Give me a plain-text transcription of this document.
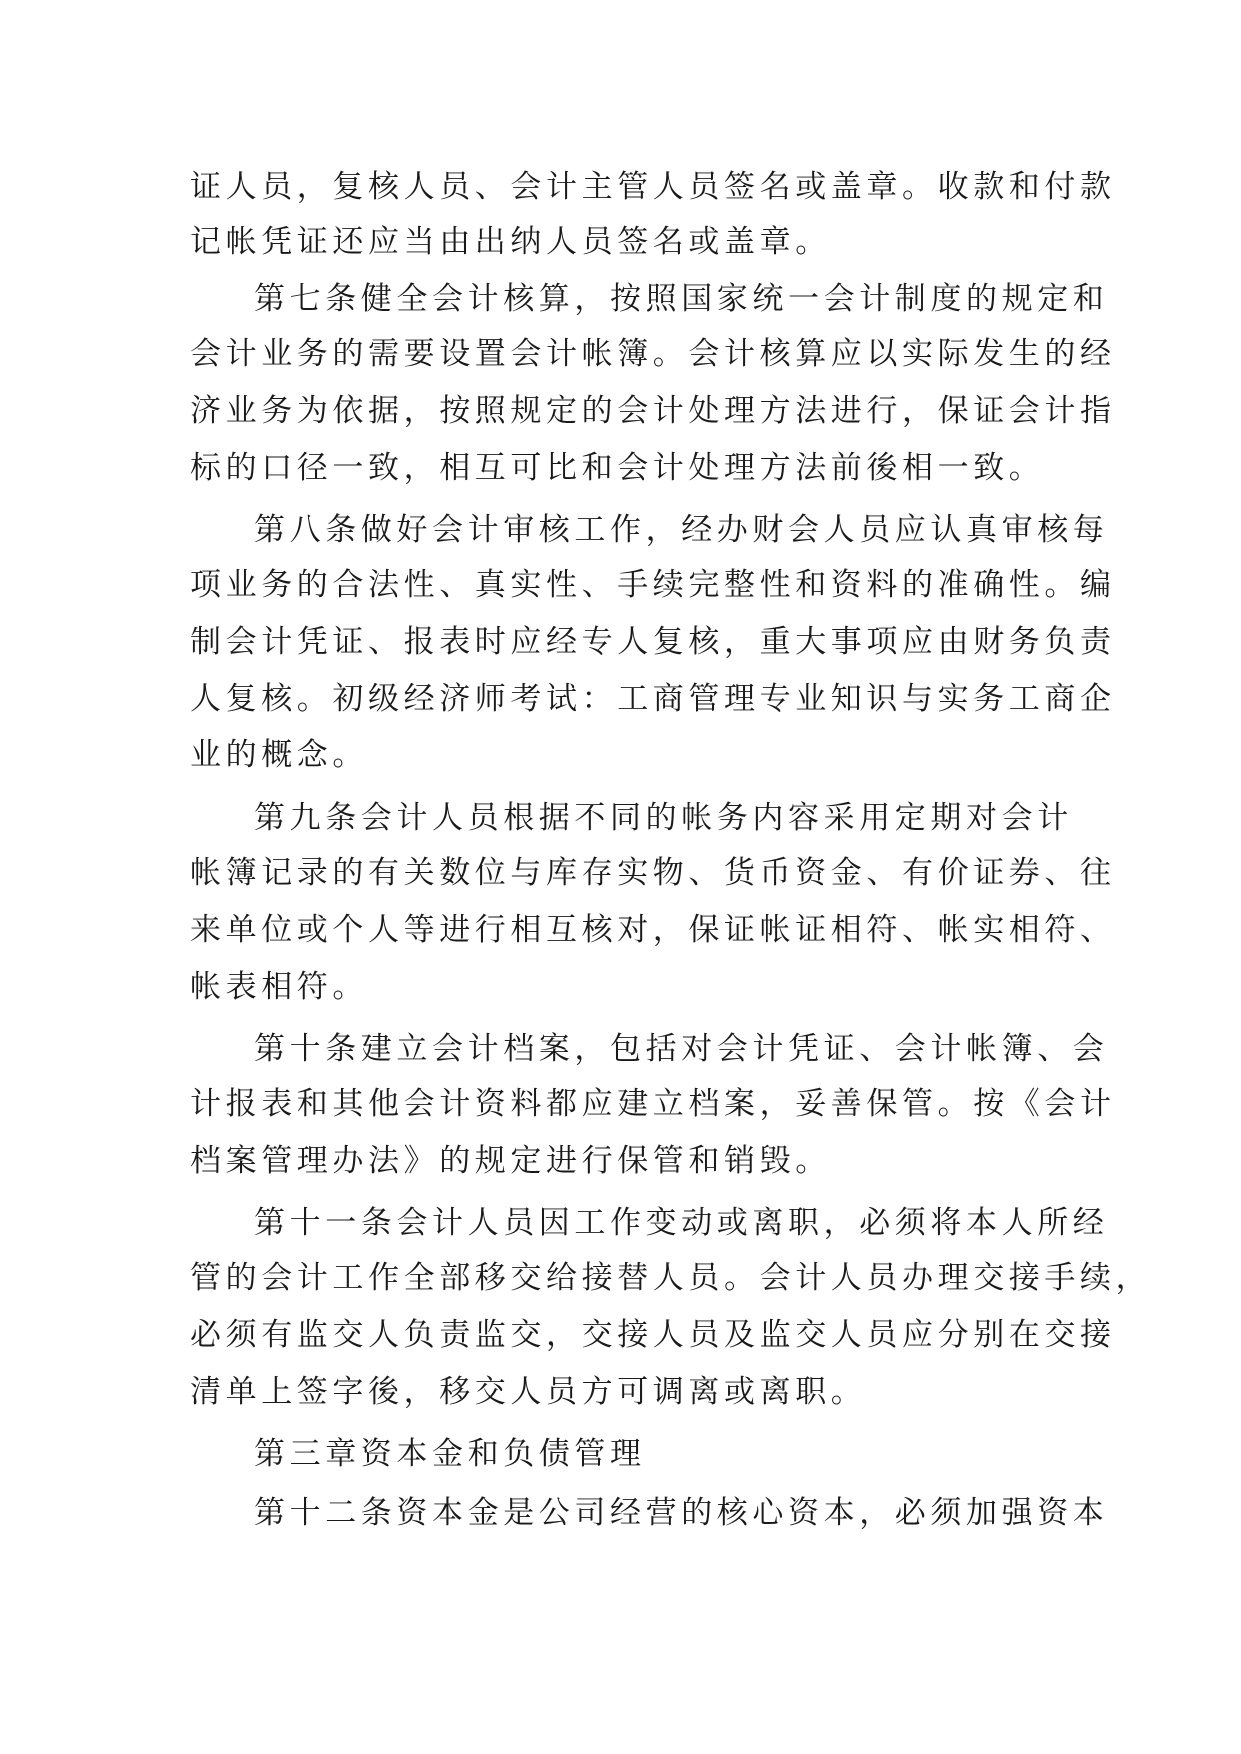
证人员，复核人员、会计主管人员签名或盖章。收款和付款
记帐凭证还应当由出纳人员签名或盖章。
第七条健全会计核算，按照国家统一会计制度的规定和
会计业务的需要设置会计帐簿。会计核算应以实际发生的经
济业务为依据，按照规定的会计处理方法进行，保证会计指
标的口径一致，相互可比和会计处理方法前後相一致。
第八条做好会计审核工作，经办财会人员应认真审核每
项业务的合法性、真实性、手续完整性和资料的准确性。编
制会计凭证、报表时应经专人复核，重大事项应由财务负责
人复核。初级经济师考试：工商管理专业知识与实务工商企
业的概念。
第九条会计人员根据不同的帐务内容采用定期对会计
帐簿记录的有关数位与库存实物、货币资金、有价证券、往
来单位或个人等进行相互核对，保证帐证相符、帐实相符、
帐表相符。
第十条建立会计档案，包括对会计凭证、会计帐簿、会
计报表和其他会计资料都应建立档案，妥善保管。按《会计
档案管理办法》的规定进行保管和销毁。
第十一条会计人员因工作变动或离职，必须将本人所经
管的会计工作全部移交给接替人员。会计人员办理交接手续，
必须有监交人负责监交，交接人员及监交人员应分别在交接
清单上签字後，移交人员方可调离或离职。
第三章资本金和负债管理
第十二条资本金是公司经营的核心资本，必须加强资本
